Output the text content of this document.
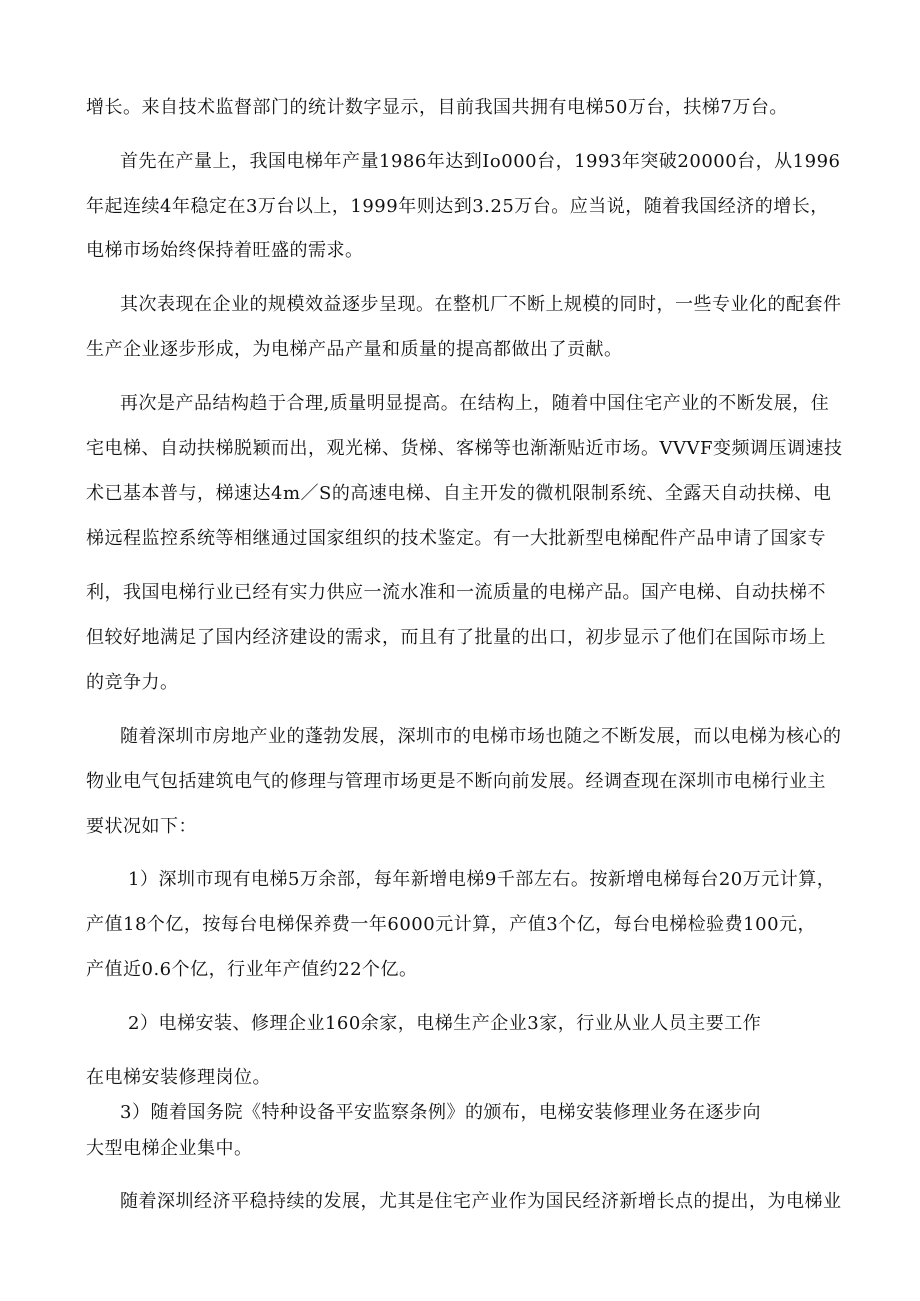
增长。来自技术监督部门的统计数字显示，目前我国共拥有电梯50万台，扶梯7万台。

首先在产量上，我国电梯年产量1986年达到Io000台，1993年突破20000台，从1996

年起连续4年稳定在3万台以上，1999年则达到3.25万台。应当说，随着我国经济的增长，

电梯市场始终保持着旺盛的需求。

其次表现在企业的规模效益逐步呈现。在整机厂不断上规模的同时，一些专业化的配套件

生产企业逐步形成，为电梯产品产量和质量的提高都做出了贡献。

再次是产品结构趋于合理,质量明显提高。在结构上，随着中国住宅产业的不断发展，住

宅电梯、自动扶梯脱颖而出，观光梯、货梯、客梯等也渐渐贴近市场。VVVF变频调压调速技

术已基本普与，梯速达4m／S的高速电梯、自主开发的微机限制系统、全露天自动扶梯、电

梯远程监控系统等相继通过国家组织的技术鉴定。有一大批新型电梯配件产品申请了国家专

利，我国电梯行业已经有实力供应一流水准和一流质量的电梯产品。国产电梯、自动扶梯不

但较好地满足了国内经济建设的需求，而且有了批量的出口，初步显示了他们在国际市场上

的竞争力。

随着深圳市房地产业的蓬勃发展，深圳市的电梯市场也随之不断发展，而以电梯为核心的

物业电气包括建筑电气的修理与管理市场更是不断向前发展。经调查现在深圳市电梯行业主

要状况如下：

1）深圳市现有电梯5万余部，每年新增电梯9千部左右。按新增电梯每台20万元计算，

产值18个亿，按每台电梯保养费一年6000元计算，产值3个亿，每台电梯检验费100元，

产值近0.6个亿，行业年产值约22个亿。

2）电梯安装、修理企业160余家，电梯生产企业3家，行业从业人员主要工作

在电梯安装修理岗位。

3）随着国务院《特种设备平安监察条例》的颁布，电梯安装修理业务在逐步向

大型电梯企业集中。

随着深圳经济平稳持续的发展，尤其是住宅产业作为国民经济新增长点的提出，为电梯业
